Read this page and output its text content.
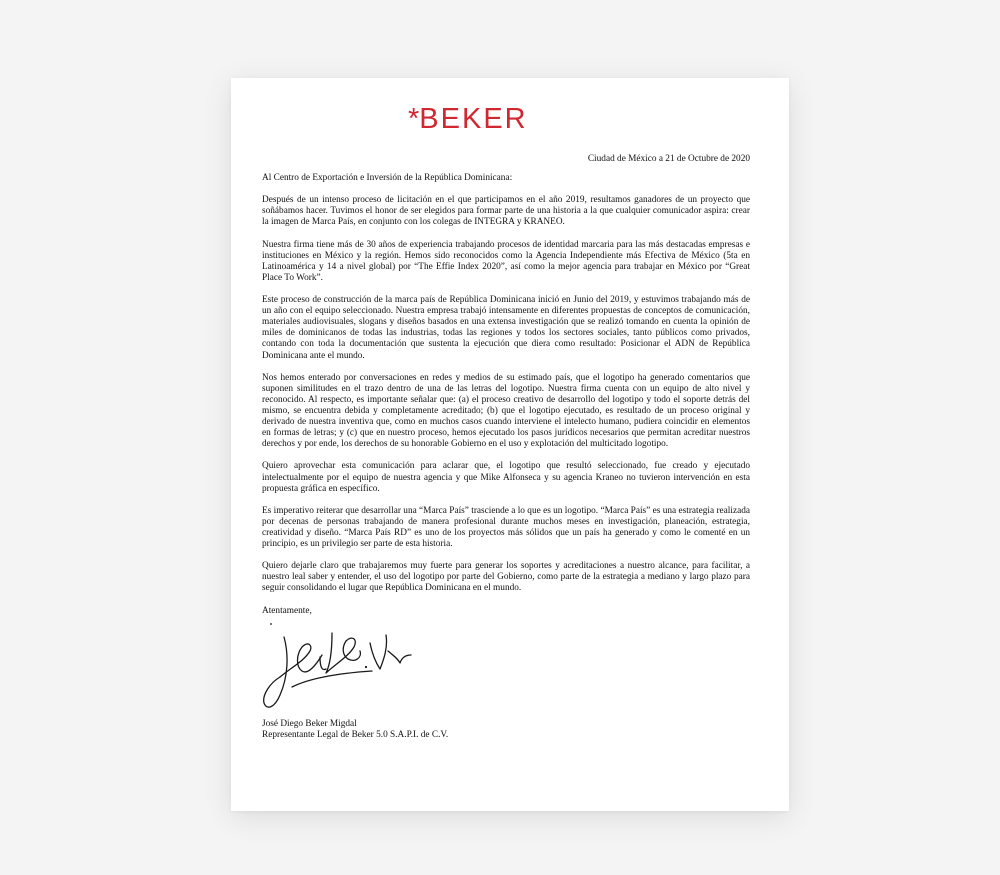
*BEKER

Ciudad de México a 21 de Octubre de 2020

Al Centro de Exportación e Inversión de la República Dominicana:

Después de un intenso proceso de licitación en el que participamos en el año 2019, resultamos ganadores de un proyecto que soñábamos hacer. Tuvimos el honor de ser elegidos para formar parte de una historia a la que cualquier comunicador aspira: crear la imagen de Marca País, en conjunto con los colegas de INTEGRA y KRANEO.

Nuestra firma tiene más de 30 años de experiencia trabajando procesos de identidad marcaria para las más destacadas empresas e instituciones en México y la región. Hemos sido reconocidos como la Agencia Independiente más Efectiva de México (5ta en Latinoamérica y 14 a nivel global) por “The Effie Index 2020”, así como la mejor agencia para trabajar en México por “Great Place To Work”.

Este proceso de construcción de la marca país de República Dominicana inició en Junio del 2019, y estuvimos trabajando más de un año con el equipo seleccionado. Nuestra empresa trabajó intensamente en diferentes propuestas de conceptos de comunicación, materiales audiovisuales, slogans y diseños basados en una extensa investigación que se realizó tomando en cuenta la opinión de miles de dominicanos de todas las industrias, todas las regiones y todos los sectores sociales, tanto públicos como privados, contando con toda la documentación que sustenta la ejecución que diera como resultado: Posicionar el ADN de República Dominicana ante el mundo.

Nos hemos enterado por conversaciones en redes y medios de su estimado país, que el logotipo ha generado comentarios que suponen similitudes en el trazo dentro de una de las letras del logotipo. Nuestra firma cuenta con un equipo de alto nivel y reconocido. Al respecto, es importante señalar que: (a) el proceso creativo de desarrollo del logotipo y todo el soporte detrás del mismo, se encuentra debida y completamente acreditado; (b) que el logotipo ejecutado, es resultado de un proceso original y derivado de nuestra inventiva que, como en muchos casos cuando interviene el intelecto humano, pudiera coincidir en elementos en formas de letras; y (c) que en nuestro proceso, hemos ejecutado los pasos jurídicos necesarios que permitan acreditar nuestros derechos y por ende, los derechos de su honorable Gobierno en el uso y explotación del multicitado logotipo.

Quiero aprovechar esta comunicación para aclarar que, el logotipo que resultó seleccionado, fue creado y ejecutado intelectualmente por el equipo de nuestra agencia y que Mike Alfonseca y su agencia Kraneo no tuvieron intervención en esta propuesta gráfica en específico.

Es imperativo reiterar que desarrollar una “Marca País” trasciende a lo que es un logotipo. “Marca País” es una estrategia realizada por decenas de personas trabajando de manera profesional durante muchos meses en investigación, planeación, estrategia, creatividad y diseño. “Marca País RD” es uno de los proyectos más sólidos que un país ha generado y como le comenté en un principio, es un privilegio ser parte de esta historia.

Quiero dejarle claro que trabajaremos muy fuerte para generar los soportes y acreditaciones a nuestro alcance, para facilitar, a nuestro leal saber y entender, el uso del logotipo por parte del Gobierno, como parte de la estrategia a mediano y largo plazo para seguir consolidando el lugar que República Dominicana en el mundo.

Atentamente,

José Diego Beker Migdal

Representante Legal de Beker 5.0 S.A.P.I. de C.V.
